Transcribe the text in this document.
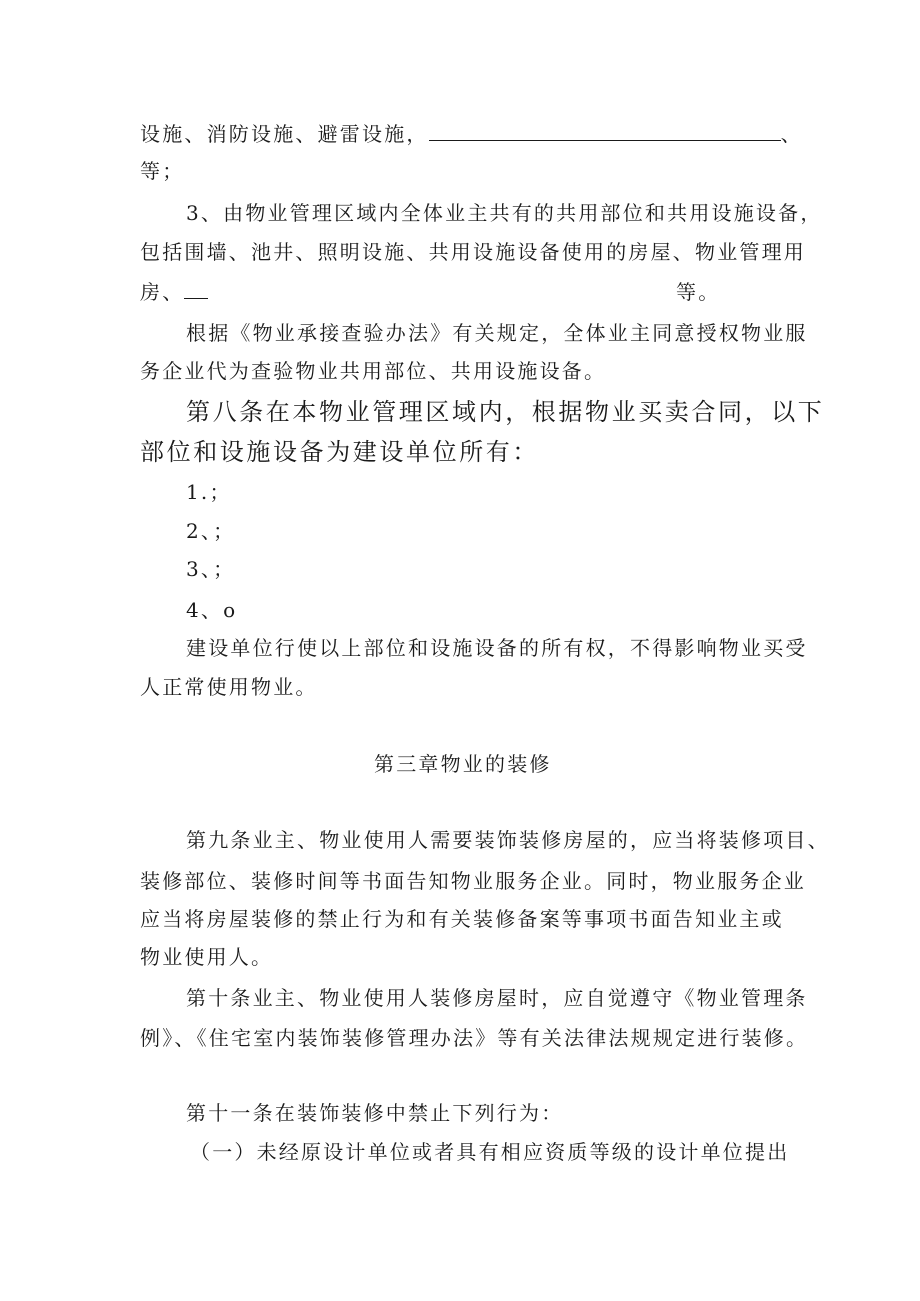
设施、消防设施、避雷设施，	、
等；
3、由物业管理区域内全体业主共有的共用部位和共用设施设备，
包括围墙、池井、照明设施、共用设施设备使用的房屋、物业管理用
房、	等。
根据《物业承接查验办法》有关规定，全体业主同意授权物业服
务企业代为查验物业共用部位、共用设施设备。
第八条在本物业管理区域内，根据物业买卖合同，以下
部位和设施设备为建设单位所有：
1.；
2、；
3、；
4、o
建设单位行使以上部位和设施设备的所有权，不得影响物业买受
人正常使用物业。
第三章物业的装修
第九条业主、物业使用人需要装饰装修房屋的，应当将装修项目、
装修部位、装修时间等书面告知物业服务企业。同时，物业服务企业
应当将房屋装修的禁止行为和有关装修备案等事项书面告知业主或
物业使用人。
第十条业主、物业使用人装修房屋时，应自觉遵守《物业管理条
例》、《住宅室内装饰装修管理办法》等有关法律法规规定进行装修。
第十一条在装饰装修中禁止下列行为：
（一）未经原设计单位或者具有相应资质等级的设计单位提出
